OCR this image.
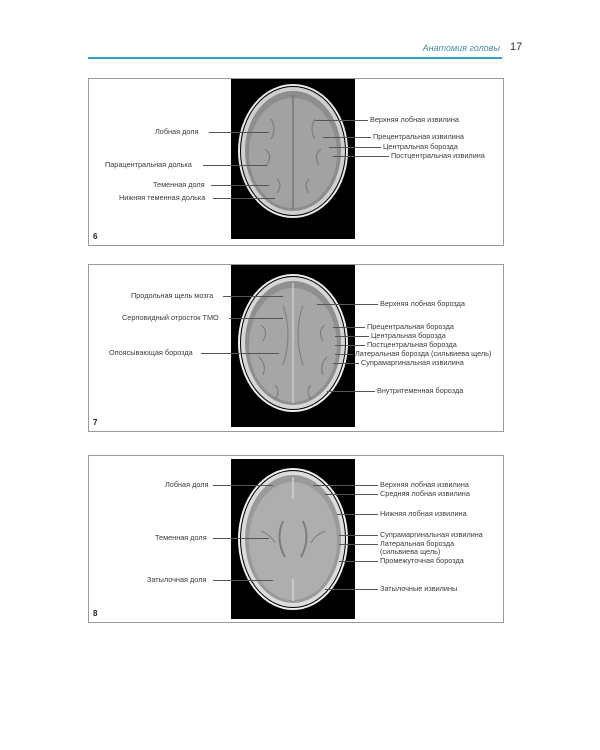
Анатомия головы 17
Лобная доля
Парацентральная долька
Теменная доля
Нижняя теменная долька
Верхняя лобная извилина
Прецентральная извилина
Центральная борозда
Постцентральная извилина
6
Продольная щель мозга
Серповидный отросток ТМО
Опоясывающая борозда
Верхняя лобная борозда
Прецентральная борозда
Центральная борозда
Постцентральная борозда
Латеральная борозда (сильвиева щель)
Супрамаргинальная извилина
Внутритеменная борозда
7
Лобная доля
Теменная доля
Затылочная доля
Верхняя лобная извилина
Средняя лобная извилина
Нижняя лобная извилина
Супрамаргинальная извилина
Латеральная борозда
(сильвиева щель)
Промежуточная борозда
Затылочные извилины
8
